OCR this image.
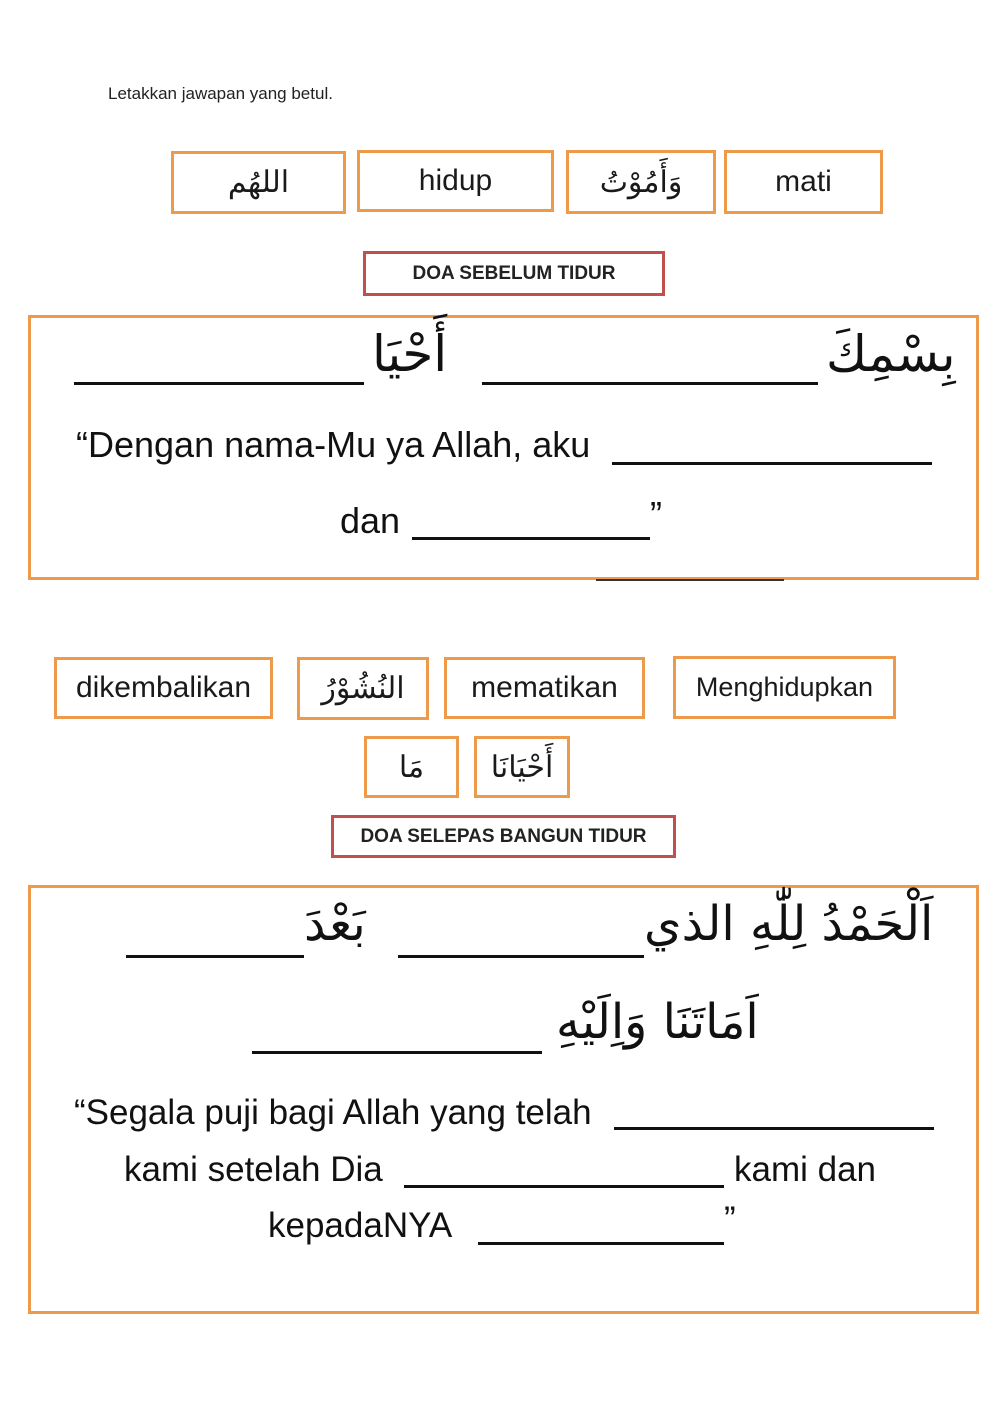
Letakkan jawapan yang betul.
اللهُم	hidup	وَأَمُوْتُ	mati
DOA SEBELUM TIDUR
بِسْمِكَ
أَحْيَا
“Dengan nama-Mu ya Allah, aku
dan	”
dikembalikan	النُشُوْرُ	mematikan	Menghidupkan
مَا	أَحْيَانَا
DOA SELEPAS BANGUN TIDUR
اَلْحَمْدُ لِلّٰهِ الذي
بَعْدَ
اَمَاتَنَا وَاِلَيْهِ
“Segala puji bagi Allah yang telah
kami setelah Dia	kami dan
kepadaNYA	”
